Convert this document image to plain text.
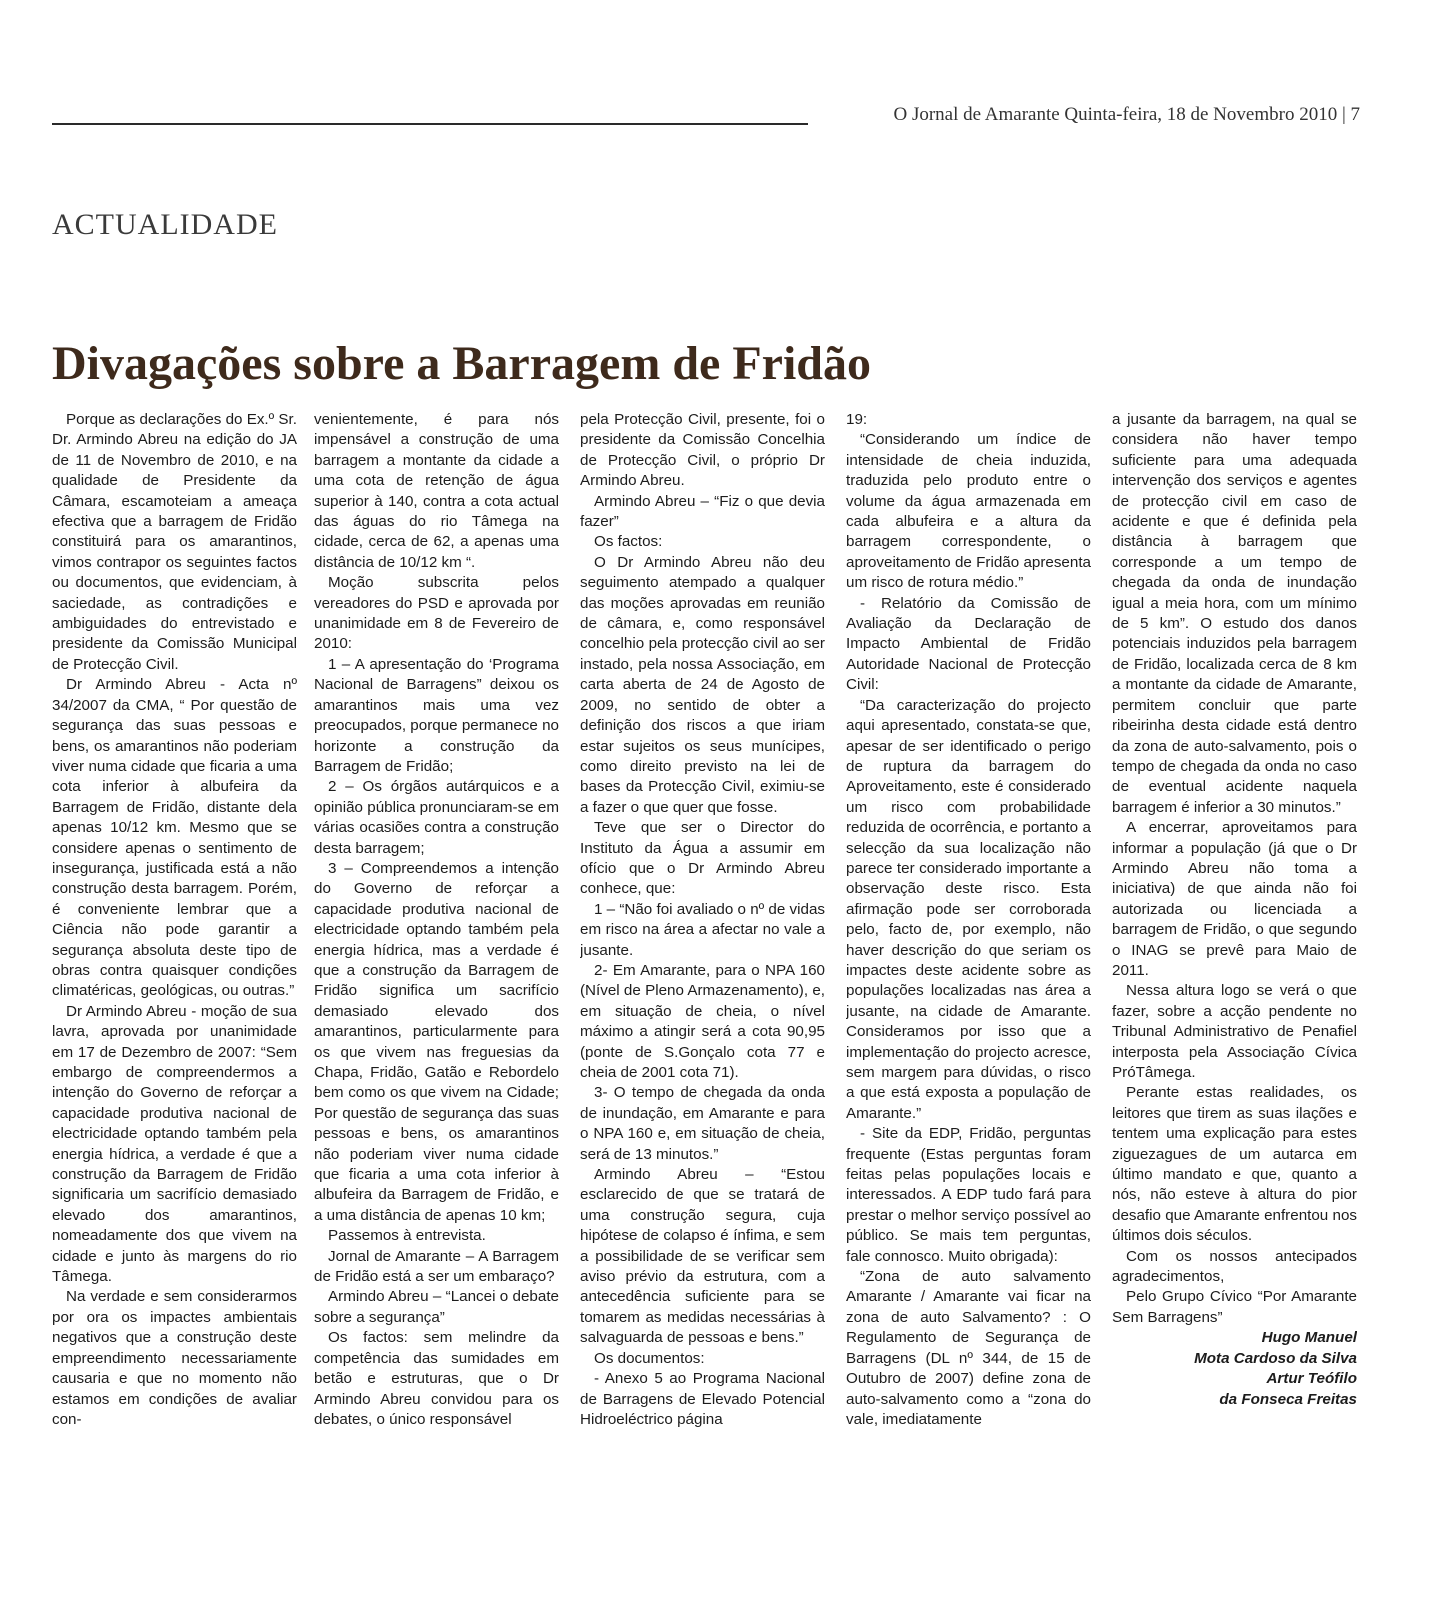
O Jornal de Amarante Quinta-feira, 18 de Novembro 2010 | 7
ACTUALIDADE
Divagações sobre a Barragem de Fridão

Porque as declarações do Ex.º Sr. Dr. Armindo Abreu na edição do JA de 11 de Novembro de 2010, e na qualidade de Presidente da Câmara, escamoteiam a ameaça efectiva que a barragem de Fridão constituirá para os amarantinos, vimos contrapor os seguintes factos ou documentos, que evidenciam, à saciedade, as contradições e ambiguidades do entrevistado e presidente da Comissão Municipal de Protecção Civil.

Dr Armindo Abreu - Acta nº 34/2007 da CMA, “ Por questão de segurança das suas pessoas e bens, os amarantinos não poderiam viver numa cidade que ficaria a uma cota inferior à albufeira da Barragem de Fridão, distante dela apenas 10/12 km. Mesmo que se considere apenas o sentimento de insegurança, justificada está a não construção desta barragem. Porém, é conveniente lembrar que a Ciência não pode garantir a segurança absoluta deste tipo de obras contra quaisquer condições climatéricas, geológicas, ou outras.”

Dr Armindo Abreu - moção de sua lavra, aprovada por unanimidade em 17 de Dezembro de 2007: “Sem embargo de compreendermos a intenção do Governo de reforçar a capacidade produtiva nacional de electricidade optando também pela energia hídrica, a verdade é que a construção da Barragem de Fridão significaria um sacrifício demasiado elevado dos amarantinos, nomeadamente dos que vivem na cidade e junto às margens do rio Tâmega.

Na verdade e sem considerarmos por ora os impactes ambientais negativos que a construção deste empreendimento necessariamente causaria e que no momento não estamos em condições de avaliar con-

venientemente, é para nós impensável a construção de uma barragem a montante da cidade a uma cota de retenção de água superior à 140, contra a cota actual das águas do rio Tâmega na cidade, cerca de 62, a apenas uma distância de 10/12 km “.

Moção subscrita pelos vereadores do PSD e aprovada por unanimidade em 8 de Fevereiro de 2010:

1 – A apresentação do ‘Programa Nacional de Barragens” deixou os amarantinos mais uma vez preocupados, porque permanece no horizonte a construção da Barragem de Fridão;

2 – Os órgãos autárquicos e a opinião pública pronunciaram-se em várias ocasiões contra a construção desta barragem;

3 – Compreendemos a intenção do Governo de reforçar a capacidade produtiva nacional de electricidade optando também pela energia hídrica, mas a verdade é que a construção da Barragem de Fridão significa um sacrifício demasiado elevado dos amarantinos, particularmente para os que vivem nas freguesias da Chapa, Fridão, Gatão e Rebordelo bem como os que vivem na Cidade; Por questão de segurança das suas pessoas e bens, os amarantinos não poderiam viver numa cidade que ficaria a uma cota inferior à albufeira da Barragem de Fridão, e a uma distância de apenas 10 km;

Passemos à entrevista.

Jornal de Amarante – A Barragem de Fridão está a ser um embaraço?

Armindo Abreu – “Lancei o debate sobre a segurança”

Os factos: sem melindre da competência das sumidades em betão e estruturas, que o Dr Armindo Abreu convidou para os debates, o único responsável

pela Protecção Civil, presente, foi o presidente da Comissão Concelhia de Protecção Civil, o próprio Dr Armindo Abreu.

Armindo Abreu – “Fiz o que devia fazer”

Os factos:

O Dr Armindo Abreu não deu seguimento atempado a qualquer das moções aprovadas em reunião de câmara, e, como responsável concelhio pela protecção civil ao ser instado, pela nossa Associação, em carta aberta de 24 de Agosto de 2009, no sentido de obter a definição dos riscos a que iriam estar sujeitos os seus munícipes, como direito previsto na lei de bases da Protecção Civil, eximiu-se a fazer o que quer que fosse.

Teve que ser o Director do Instituto da Água a assumir em ofício que o Dr Armindo Abreu conhece, que:

1 – “Não foi avaliado o nº de vidas em risco na área a afectar no vale a jusante.

2- Em Amarante, para o NPA 160 (Nível de Pleno Armazenamento), e, em situação de cheia, o nível máximo a atingir será a cota 90,95 (ponte de S.Gonçalo cota 77 e cheia de 2001 cota 71).

3- O tempo de chegada da onda de inundação, em Amarante e para o NPA 160 e, em situação de cheia, será de 13 minutos.”

Armindo Abreu – “Estou esclarecido de que se tratará de uma construção segura, cuja hipótese de colapso é ínfima, e sem a possibilidade de se verificar sem aviso prévio da estrutura, com a antecedência suficiente para se tomarem as medidas necessárias à salvaguarda de pessoas e bens.”

Os documentos:

- Anexo 5 ao Programa Nacional de Barragens de Elevado Potencial Hidroeléctrico página

19:

“Considerando um índice de intensidade de cheia induzida, traduzida pelo produto entre o volume da água armazenada em cada albufeira e a altura da barragem correspondente, o aproveitamento de Fridão apresenta um risco de rotura médio.”

- Relatório da Comissão de Avaliação da Declaração de Impacto Ambiental de Fridão Autoridade Nacional de Protecção Civil:

“Da caracterização do projecto aqui apresentado, constata-se que, apesar de ser identificado o perigo de ruptura da barragem do Aproveitamento, este é considerado um risco com probabilidade reduzida de ocorrência, e portanto a selecção da sua localização não parece ter considerado importante a observação deste risco. Esta afirmação pode ser corroborada pelo, facto de, por exemplo, não haver descrição do que seriam os impactes deste acidente sobre as populações localizadas nas área a jusante, na cidade de Amarante. Consideramos por isso que a implementação do projecto acresce, sem margem para dúvidas, o risco a que está exposta a população de Amarante.”

- Site da EDP, Fridão, perguntas frequente (Estas perguntas foram feitas pelas populações locais e interessados. A EDP tudo fará para prestar o melhor serviço possível ao público. Se mais tem perguntas, fale connosco. Muito obrigada):

“Zona de auto salvamento Amarante / Amarante vai ficar na zona de auto Salvamento? : O Regulamento de Segurança de Barragens (DL nº 344, de 15 de Outubro de 2007) define zona de auto-salvamento como a “zona do vale, imediatamente

a jusante da barragem, na qual se considera não haver tempo suficiente para uma adequada intervenção dos serviços e agentes de protecção civil em caso de acidente e que é definida pela distância à barragem que corresponde a um tempo de chegada da onda de inundação igual a meia hora, com um mínimo de 5 km”. O estudo dos danos potenciais induzidos pela barragem de Fridão, localizada cerca de 8 km a montante da cidade de Amarante, permitem concluir que parte ribeirinha desta cidade está dentro da zona de auto-salvamento, pois o tempo de chegada da onda no caso de eventual acidente naquela barragem é inferior a 30 minutos.”

A encerrar, aproveitamos para informar a população (já que o Dr Armindo Abreu não toma a iniciativa) de que ainda não foi autorizada ou licenciada a barragem de Fridão, o que segundo o INAG se prevê para Maio de 2011.

Nessa altura logo se verá o que fazer, sobre a acção pendente no Tribunal Administrativo de Penafiel interposta pela Associação Cívica PróTâmega.

Perante estas realidades, os leitores que tirem as suas ilações e tentem uma explicação para estes ziguezagues de um autarca em último mandato e que, quanto a nós, não esteve à altura do pior desafio que Amarante enfrentou nos últimos dois séculos.

Com os nossos antecipados agradecimentos,

Pelo Grupo Cívico “Por Amarante Sem Barragens”

Hugo Manuel

Mota Cardoso da Silva

Artur Teófilo

da Fonseca Freitas
